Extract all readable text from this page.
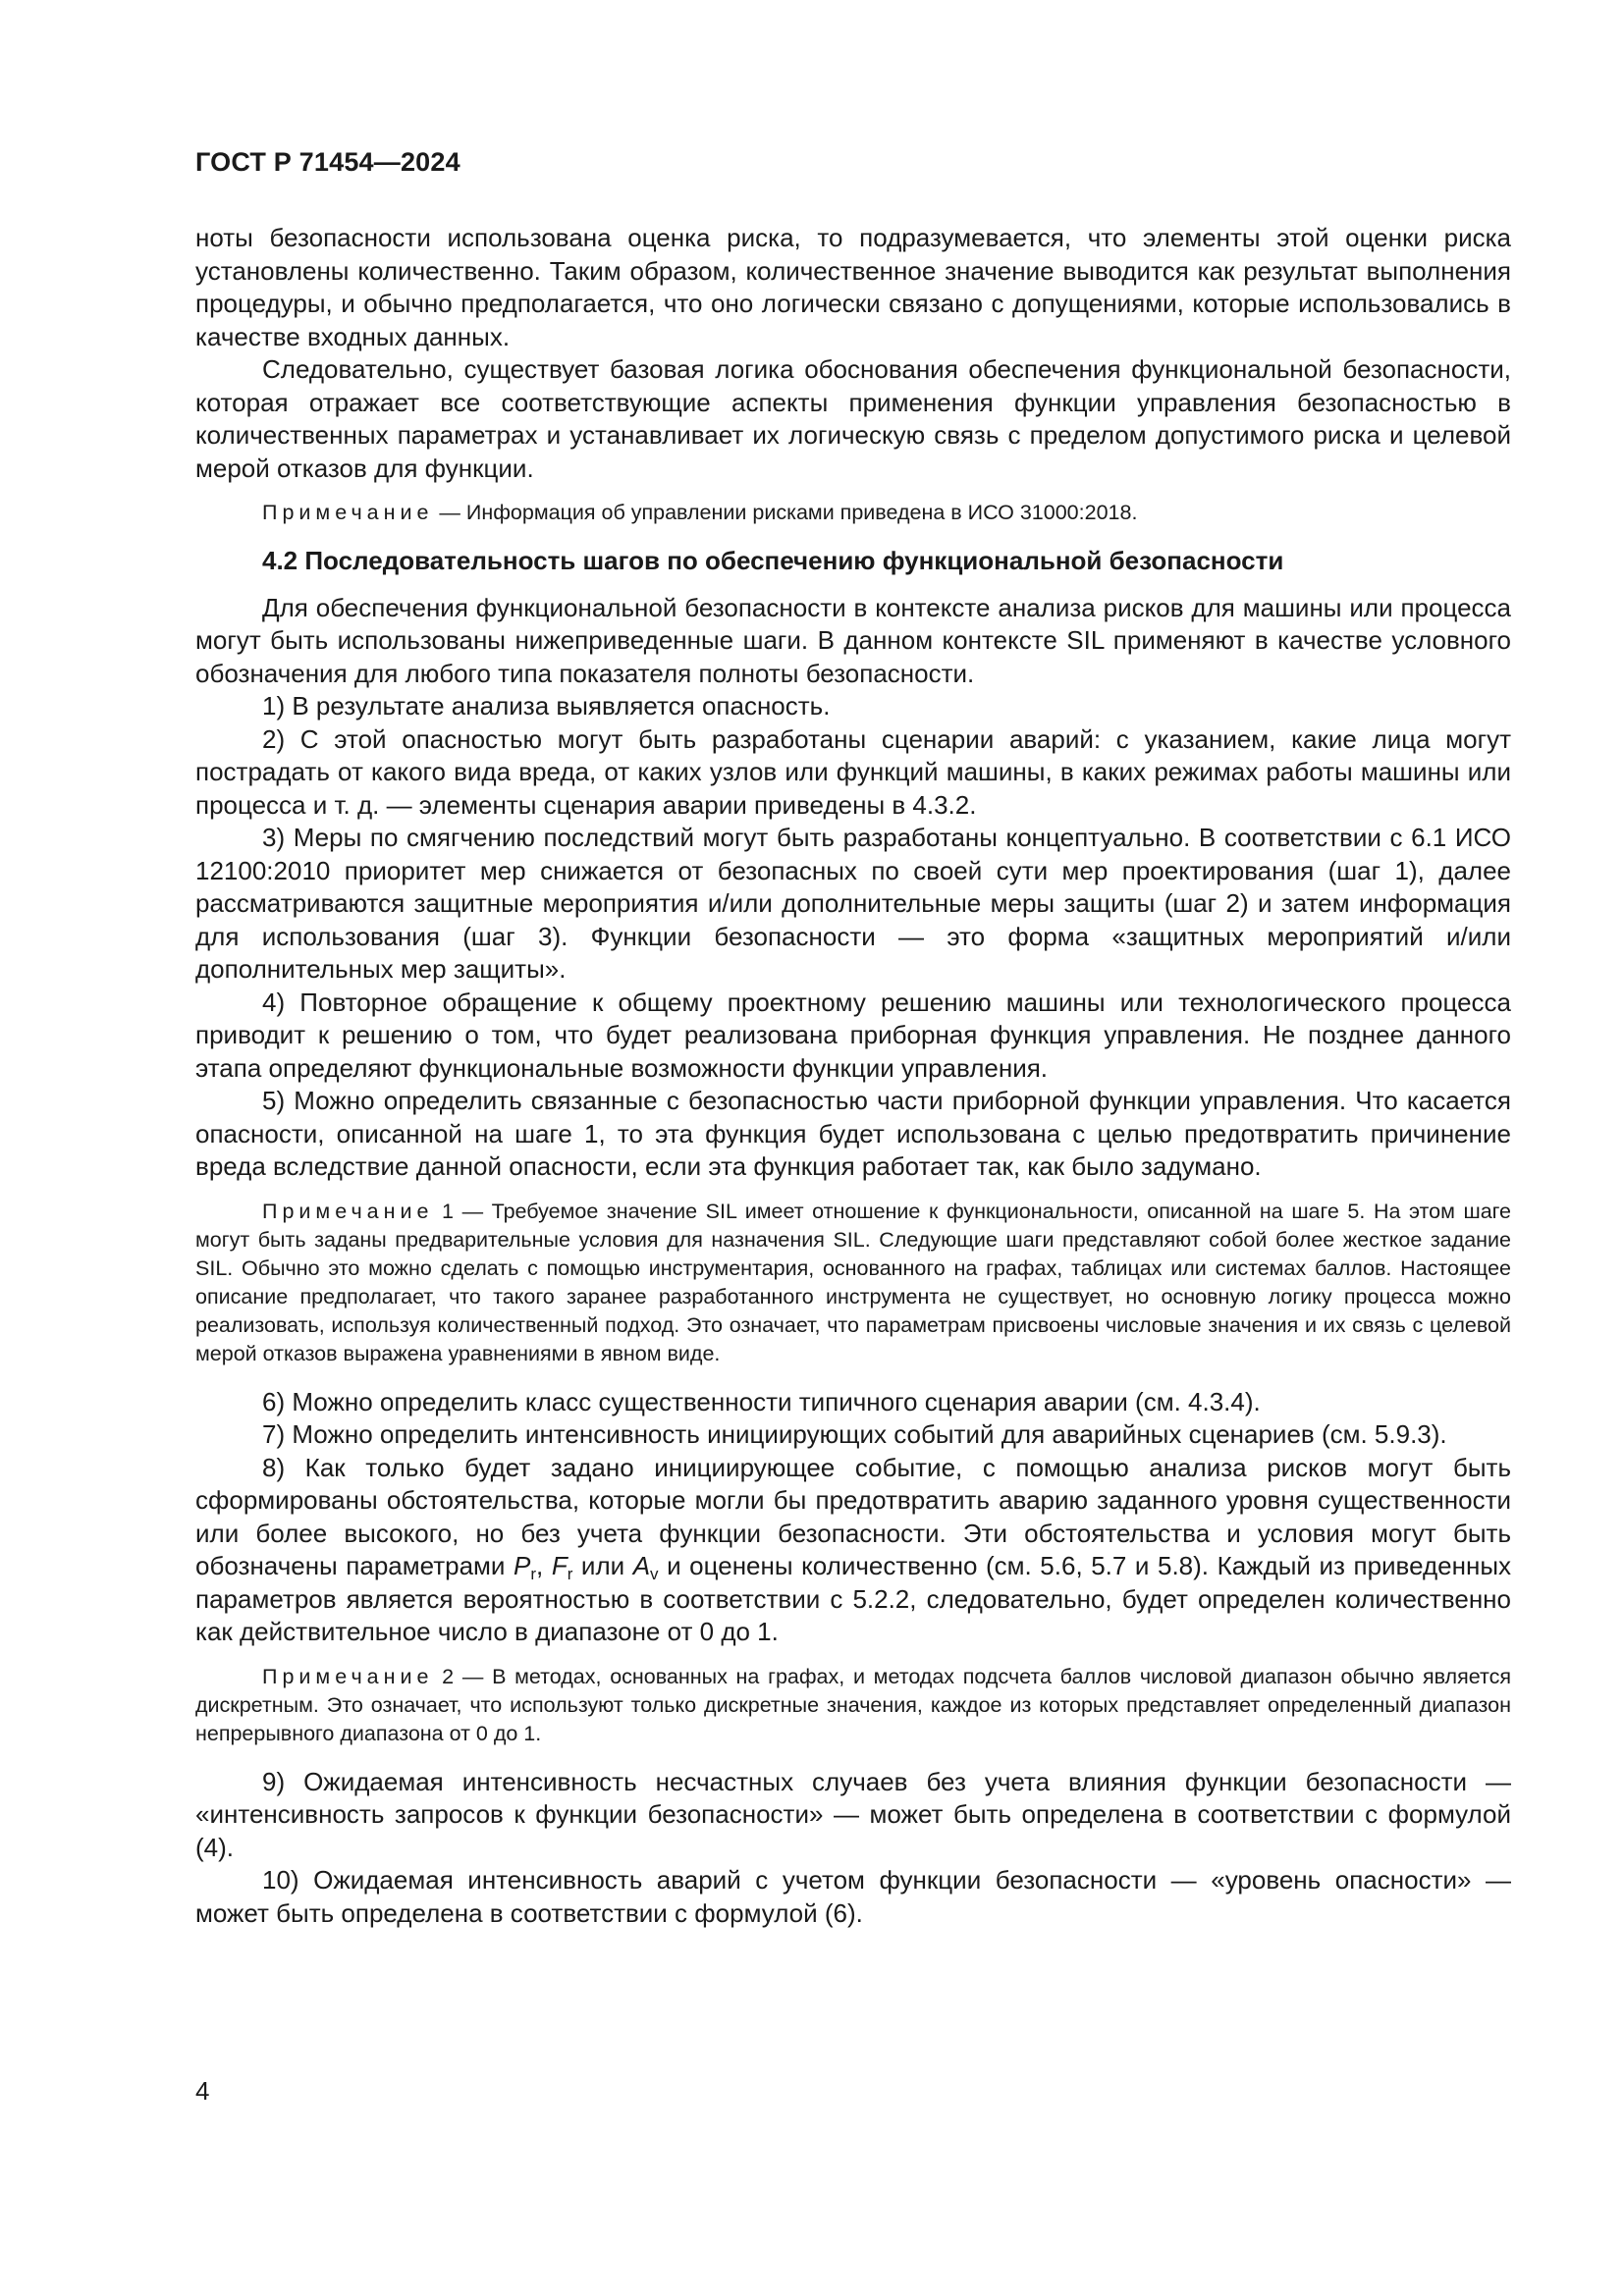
ГОСТ Р 71454—2024

ноты безопасности использована оценка риска, то подразумевается, что элементы этой оценки риска установлены количественно. Таким образом, количественное значение выводится как результат выполнения процедуры, и обычно предполагается, что оно логически связано с допущениями, которые использовались в качестве входных данных.

Следовательно, существует базовая логика обоснования обеспечения функциональной безопасности, которая отражает все соответствующие аспекты применения функции управления безопасностью в количественных параметрах и устанавливает их логическую связь с пределом допустимого риска и целевой мерой отказов для функции.

Примечание — Информация об управлении рисками приведена в ИСО 31000:2018.

4.2 Последовательность шагов по обеспечению функциональной безопасности

Для обеспечения функциональной безопасности в контексте анализа рисков для машины или процесса могут быть использованы нижеприведенные шаги. В данном контексте SIL применяют в качестве условного обозначения для любого типа показателя полноты безопасности.

1) В результате анализа выявляется опасность.

2) С этой опасностью могут быть разработаны сценарии аварий: с указанием, какие лица могут пострадать от какого вида вреда, от каких узлов или функций машины, в каких режимах работы машины или процесса и т. д. — элементы сценария аварии приведены в 4.3.2.

3) Меры по смягчению последствий могут быть разработаны концептуально. В соответствии с 6.1 ИСО 12100:2010 приоритет мер снижается от безопасных по своей сути мер проектирования (шаг 1), далее рассматриваются защитные мероприятия и/или дополнительные меры защиты (шаг 2) и затем информация для использования (шаг 3). Функции безопасности — это форма «защитных мероприятий и/или дополнительных мер защиты».

4) Повторное обращение к общему проектному решению машины или технологического процесса приводит к решению о том, что будет реализована приборная функция управления. Не позднее данного этапа определяют функциональные возможности функции управления.

5) Можно определить связанные с безопасностью части приборной функции управления. Что касается опасности, описанной на шаге 1, то эта функция будет использована с целью предотвратить причинение вреда вследствие данной опасности, если эта функция работает так, как было задумано.

Примечание 1 — Требуемое значение SIL имеет отношение к функциональности, описанной на шаге 5. На этом шаге могут быть заданы предварительные условия для назначения SIL. Следующие шаги представляют собой более жесткое задание SIL. Обычно это можно сделать с помощью инструментария, основанного на графах, таблицах или системах баллов. Настоящее описание предполагает, что такого заранее разработанного инструмента не существует, но основную логику процесса можно реализовать, используя количественный подход. Это означает, что параметрам присвоены числовые значения и их связь с целевой мерой отказов выражена уравнениями в явном виде.

6) Можно определить класс существенности типичного сценария аварии (см. 4.3.4).

7) Можно определить интенсивность инициирующих событий для аварийных сценариев (см. 5.9.3).

8) Как только будет задано инициирующее событие, с помощью анализа рисков могут быть сформированы обстоятельства, которые могли бы предотвратить аварию заданного уровня существенности или более высокого, но без учета функции безопасности. Эти обстоятельства и условия могут быть обозначены параметрами $P_r$, $F_r$ или $A_v$ и оценены количественно (см. 5.6, 5.7 и 5.8). Каждый из приведенных параметров является вероятностью в соответствии с 5.2.2, следовательно, будет определен количественно как действительное число в диапазоне от 0 до 1.

Примечание 2 — В методах, основанных на графах, и методах подсчета баллов числовой диапазон обычно является дискретным. Это означает, что используют только дискретные значения, каждое из которых представляет определенный диапазон непрерывного диапазона от 0 до 1.

9) Ожидаемая интенсивность несчастных случаев без учета влияния функции безопасности — «интенсивность запросов к функции безопасности» — может быть определена в соответствии с формулой (4).

10) Ожидаемая интенсивность аварий с учетом функции безопасности — «уровень опасности» — может быть определена в соответствии с формулой (6).

4
